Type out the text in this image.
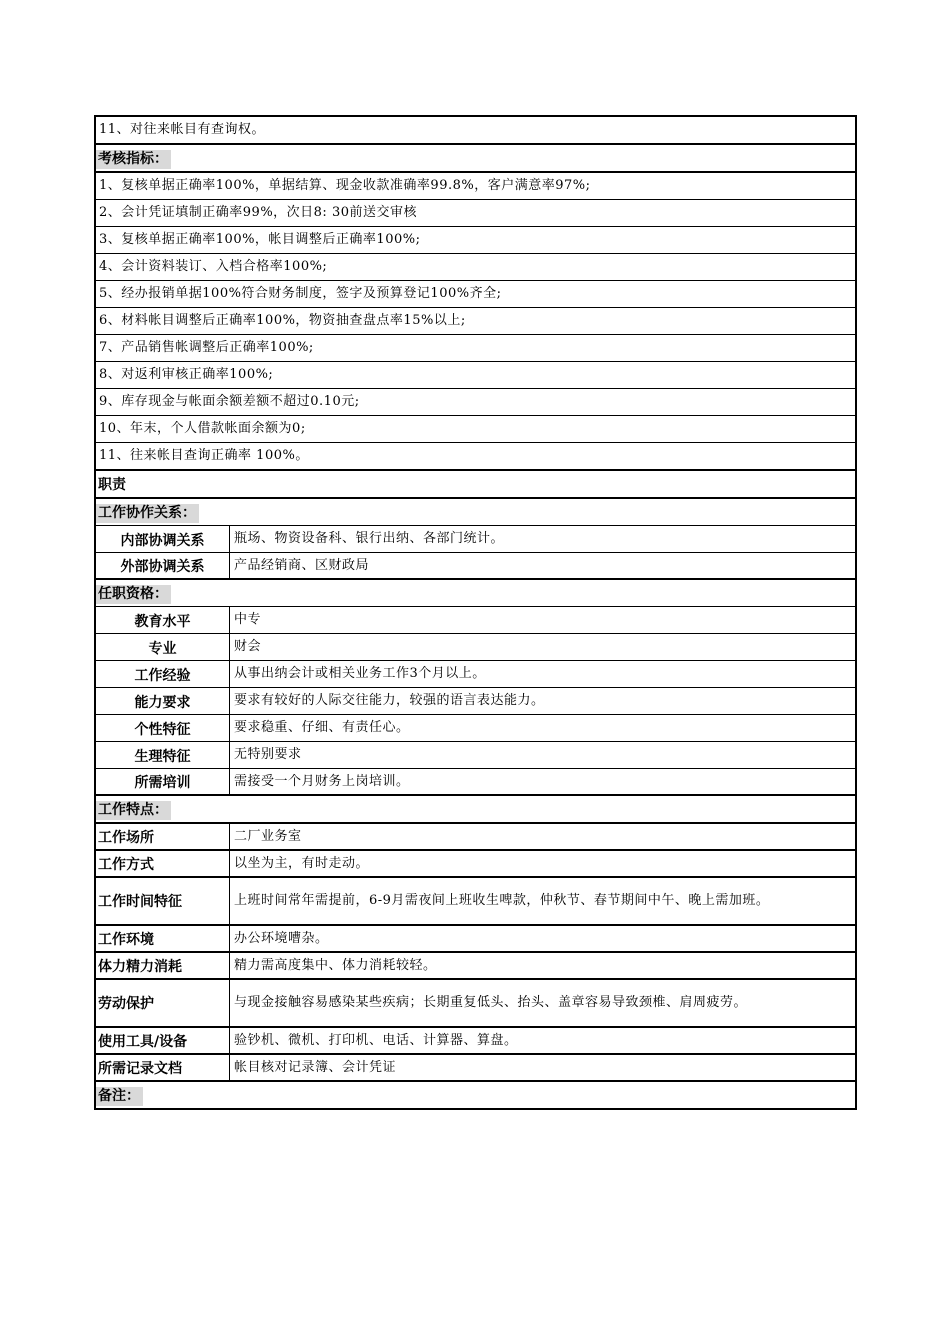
11、对往来帐目有查询权。
考核指标：
1、复核单据正确率100%，单据结算、现金收款准确率99.8%，客户满意率97%;
2、会计凭证填制正确率99%，次日8: 30前送交审核
3、复核单据正确率100%，帐目调整后正确率100%;
4、会计资料装订、入档合格率100%;
5、经办报销单据100%符合财务制度，签字及预算登记100%齐全;
6、材料帐目调整后正确率100%，物资抽查盘点率15%以上;
7、产品销售帐调整后正确率100%;
8、对返利审核正确率100%;
9、库存现金与帐面余额差额不超过0.10元;
10、年末，个人借款帐面余额为0;
11、往来帐目查询正确率 100%。
职责
工作协作关系：
内部协调关系	瓶场、物资设备科、银行出纳、各部门统计。
外部协调关系	产品经销商、区财政局
任职资格：
教育水平	中专
专业	财会
工作经验	从事出纳会计或相关业务工作3个月以上。
能力要求	要求有较好的人际交往能力，较强的语言表达能力。
个性特征	要求稳重、仔细、有责任心。
生理特征	无特别要求
所需培训	需接受一个月财务上岗培训。
工作特点：
工作场所	二厂业务室
工作方式	以坐为主，有时走动。
工作时间特征	上班时间常年需提前，6-9月需夜间上班收生啤款，仲秋节、春节期间中午、晚上需加班。
工作环境	办公环境嘈杂。
体力精力消耗	精力需高度集中、体力消耗较轻。
劳动保护	与现金接触容易感染某些疾病；长期重复低头、抬头、盖章容易导致颈椎、肩周疲劳。
使用工具/设备	验钞机、微机、打印机、电话、计算器、算盘。
所需记录文档	帐目核对记录簿、会计凭证
备注：
